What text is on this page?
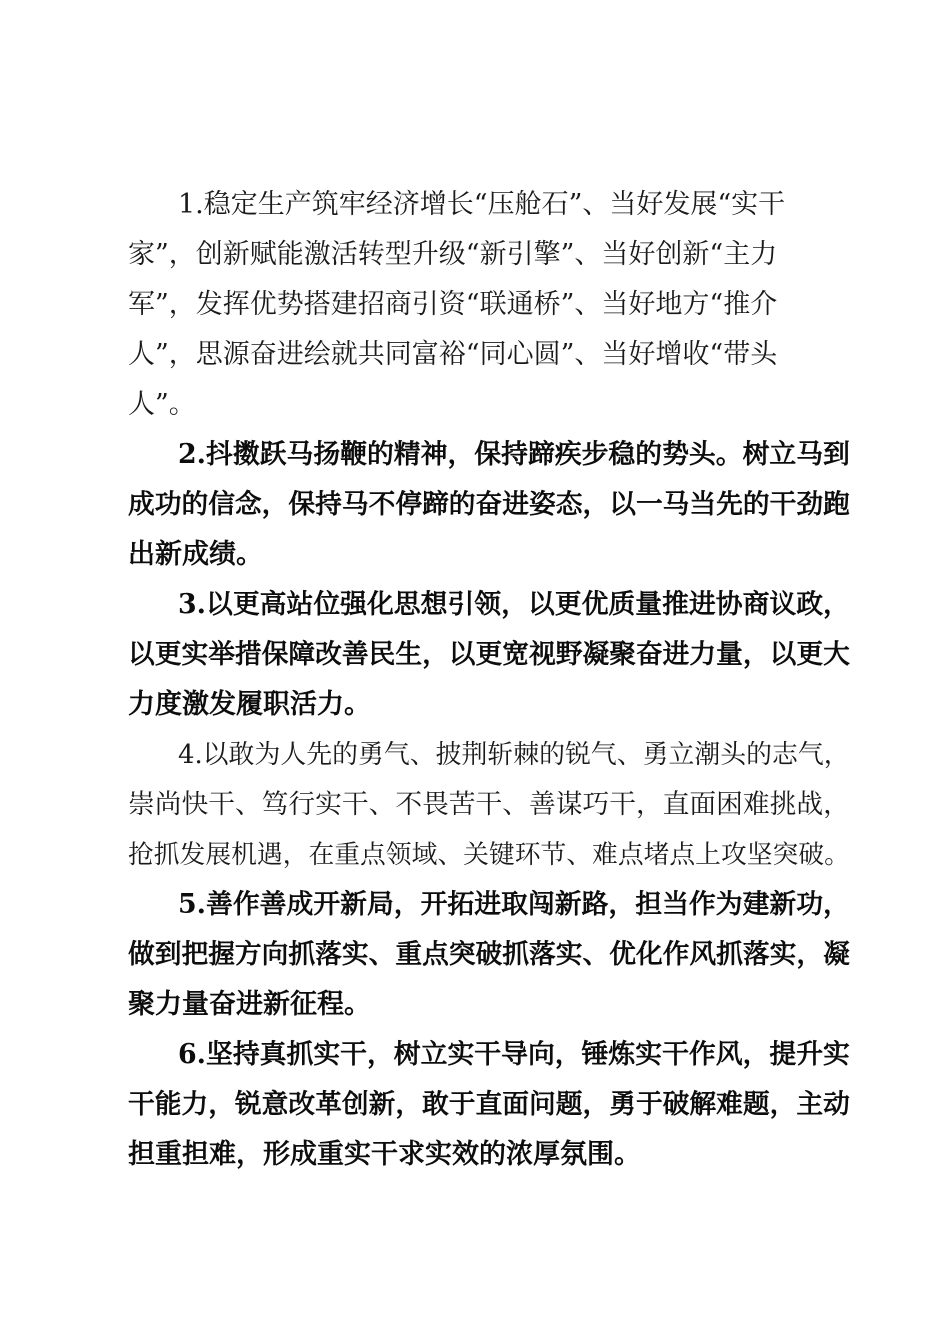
1.稳定生产筑牢经济增长“压舱石”、当好发展“实干
家”，创新赋能激活转型升级“新引擎”、当好创新“主力
军”，发挥优势搭建招商引资“联通桥”、当好地方“推介
人”，思源奋进绘就共同富裕“同心圆”、当好增收“带头
人”。
2.抖擞跃马扬鞭的精神，保持蹄疾步稳的势头。树立马到
成功的信念，保持马不停蹄的奋进姿态，以一马当先的干劲跑
出新成绩。
3.以更高站位强化思想引领，以更优质量推进协商议政，
以更实举措保障改善民生，以更宽视野凝聚奋进力量，以更大
力度激发履职活力。
4.以敢为人先的勇气、披荆斩棘的锐气、勇立潮头的志气，
崇尚快干、笃行实干、不畏苦干、善谋巧干，直面困难挑战，
抢抓发展机遇，在重点领域、关键环节、难点堵点上攻坚突破。
5.善作善成开新局，开拓进取闯新路，担当作为建新功，
做到把握方向抓落实、重点突破抓落实、优化作风抓落实，凝
聚力量奋进新征程。
6.坚持真抓实干，树立实干导向，锤炼实干作风，提升实
干能力，锐意改革创新，敢于直面问题，勇于破解难题，主动
担重担难，形成重实干求实效的浓厚氛围。
